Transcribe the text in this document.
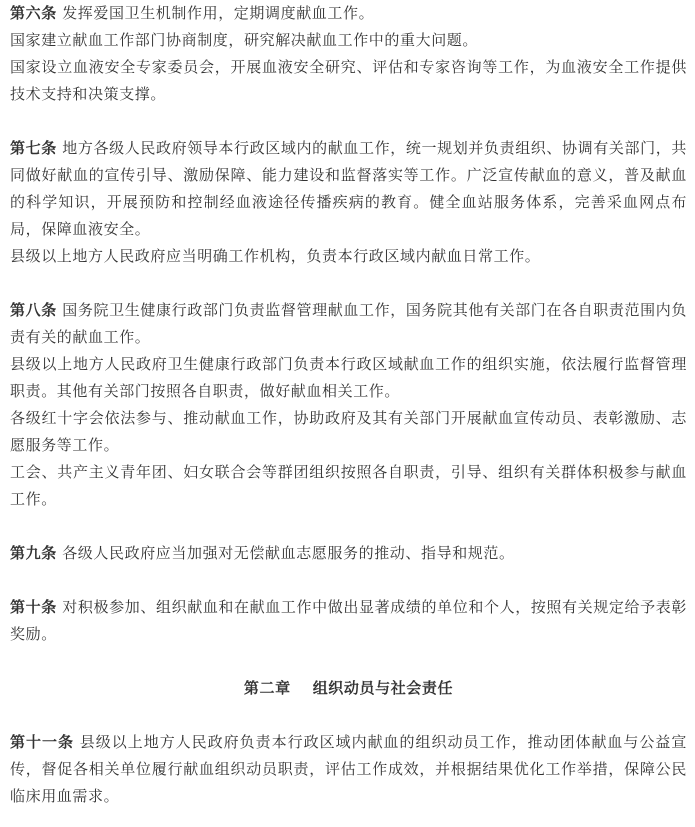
第六条 发挥爱国卫生机制作用，定期调度献血工作。

国家建立献血工作部门协商制度，研究解决献血工作中的重大问题。

国家设立血液安全专家委员会，开展血液安全研究、评估和专家咨询等工作，为血液安全工作提供技术支持和决策支撑。

第七条 地方各级人民政府领导本行政区域内的献血工作，统一规划并负责组织、协调有关部门，共同做好献血的宣传引导、激励保障、能力建设和监督落实等工作。广泛宣传献血的意义，普及献血的科学知识，开展预防和控制经血液途径传播疾病的教育。健全血站服务体系，完善采血网点布局，保障血液安全。

县级以上地方人民政府应当明确工作机构，负责本行政区域内献血日常工作。

第八条 国务院卫生健康行政部门负责监督管理献血工作，国务院其他有关部门在各自职责范围内负责有关的献血工作。

县级以上地方人民政府卫生健康行政部门负责本行政区域献血工作的组织实施，依法履行监督管理职责。其他有关部门按照各自职责，做好献血相关工作。

各级红十字会依法参与、推动献血工作，协助政府及其有关部门开展献血宣传动员、表彰激励、志愿服务等工作。

工会、共产主义青年团、妇女联合会等群团组织按照各自职责，引导、组织有关群体积极参与献血工作。

第九条 各级人民政府应当加强对无偿献血志愿服务的推动、指导和规范。

第十条 对积极参加、组织献血和在献血工作中做出显著成绩的单位和个人，按照有关规定给予表彰奖励。

第二章 组织动员与社会责任

第十一条 县级以上地方人民政府负责本行政区域内献血的组织动员工作，推动团体献血与公益宣传，督促各相关单位履行献血组织动员职责，评估工作成效，并根据结果优化工作举措，保障公民临床用血需求。
